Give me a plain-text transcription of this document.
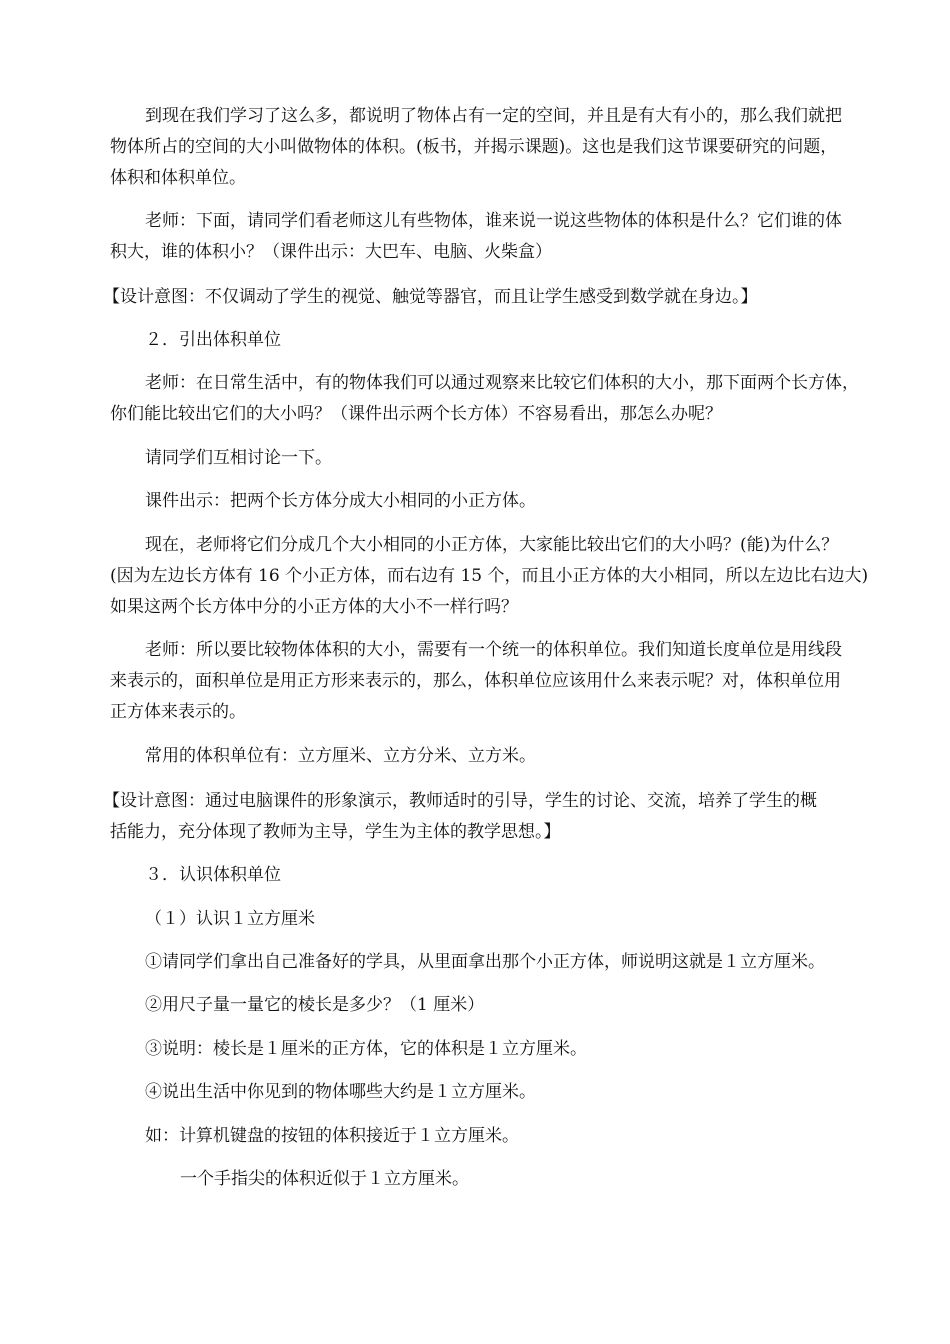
到现在我们学习了这么多，都说明了物体占有一定的空间，并且是有大有小的，那么我们就把
物体所占的空间的大小叫做物体的体积。(板书，并揭示课题)。这也是我们这节课要研究的问题，
体积和体积单位。
老师：下面，请同学们看老师这儿有些物体，谁来说一说这些物体的体积是什么？它们谁的体
积大，谁的体积小？（课件出示：大巴车、电脑、火柴盒）
【设计意图：不仅调动了学生的视觉、触觉等器官，而且让学生感受到数学就在身边。】
２．引出体积单位
老师：在日常生活中，有的物体我们可以通过观察来比较它们体积的大小，那下面两个长方体，
你们能比较出它们的大小吗？（课件出示两个长方体）不容易看出，那怎么办呢？
请同学们互相讨论一下。
课件出示：把两个长方体分成大小相同的小正方体。
现在，老师将它们分成几个大小相同的小正方体，大家能比较出它们的大小吗？(能)为什么？
(因为左边长方体有 16 个小正方体，而右边有 15 个，而且小正方体的大小相同，所以左边比右边大)
如果这两个长方体中分的小正方体的大小不一样行吗？
老师：所以要比较物体体积的大小，需要有一个统一的体积单位。我们知道长度单位是用线段
来表示的，面积单位是用正方形来表示的，那么，体积单位应该用什么来表示呢？对，体积单位用
正方体来表示的。
常用的体积单位有：立方厘米、立方分米、立方米。
【设计意图：通过电脑课件的形象演示，教师适时的引导，学生的讨论、交流，培养了学生的概
括能力，充分体现了教师为主导，学生为主体的教学思想。】
３．认识体积单位
（１）认识１立方厘米
①请同学们拿出自己准备好的学具，从里面拿出那个小正方体，师说明这就是１立方厘米。
②用尺子量一量它的棱长是多少？（1 厘米）
③说明：棱长是１厘米的正方体，它的体积是１立方厘米。
④说出生活中你见到的物体哪些大约是１立方厘米。
如：计算机键盘的按钮的体积接近于１立方厘米。
一个手指尖的体积近似于１立方厘米。
